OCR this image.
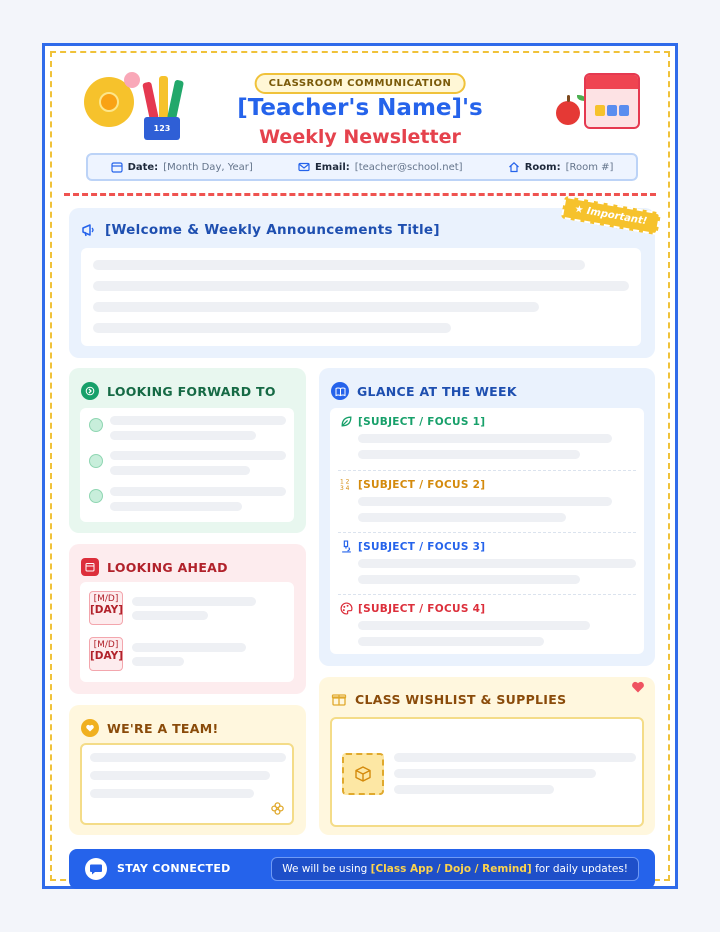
123
CLASSROOM COMMUNICATION
[Teacher's Name]'s
Weekly Newsletter
Date: [Month Day, Year]	Email: [teacher@school.net]	Room: [Room #]
[Welcome & Weekly Announcements Title]
★ Important!
LOOKING FORWARD TO
LOOKING AHEAD
[M/D]
[DAY]
[M/D]
[DAY]
WE'RE A TEAM!
GLANCE AT THE WEEK
[SUBJECT / FOCUS 1]
1 2
3 4 [SUBJECT / FOCUS 2]
[SUBJECT / FOCUS 3]
[SUBJECT / FOCUS 4]
CLASS WISHLIST & SUPPLIES
STAY CONNECTED	We will be using
[Class App / Dojo / Remind]
for daily updates!
